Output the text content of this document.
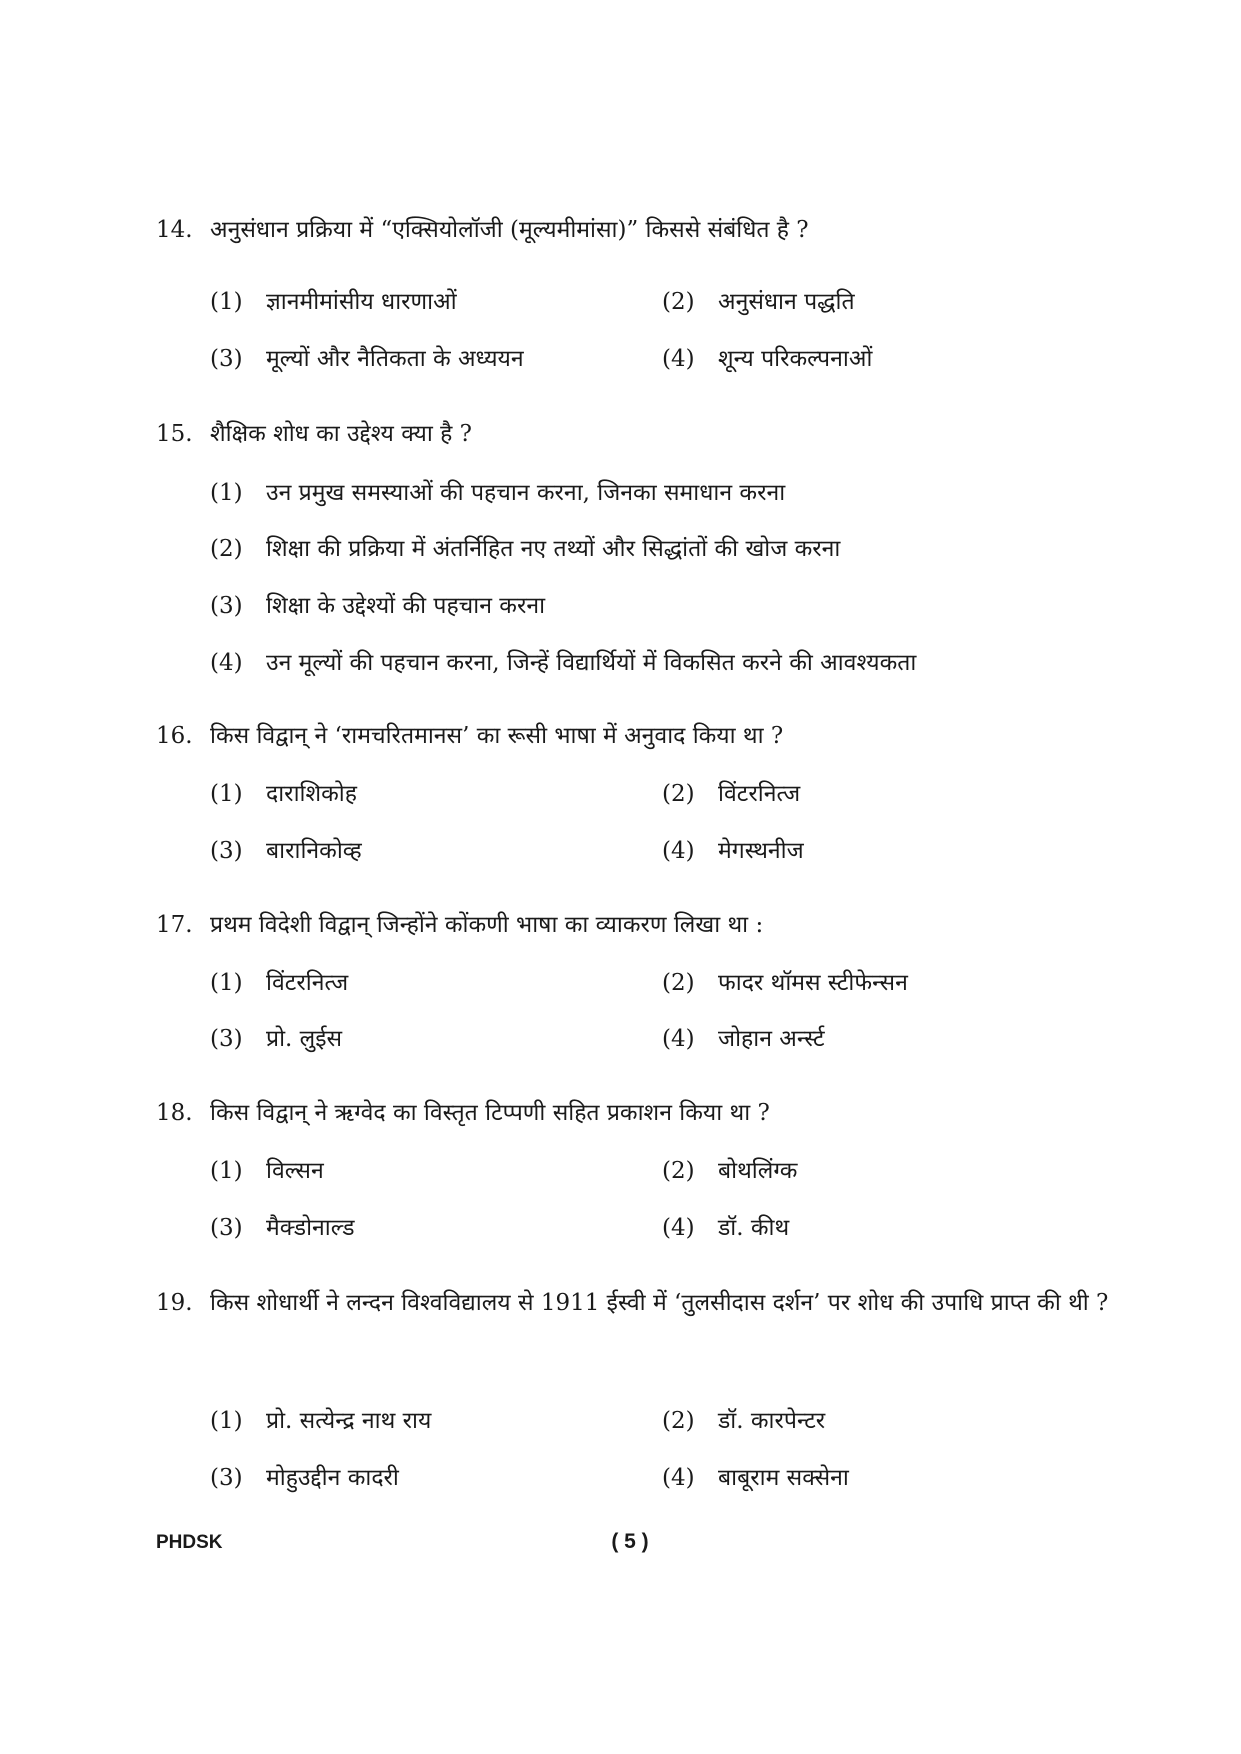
14. अनुसंधान प्रक्रिया में “एक्सियोलॉजी (मूल्यमीमांसा)” किससे संबंधित है ?
(1) ज्ञानमीमांसीय धारणाओं	(2) अनुसंधान पद्धति
(3) मूल्यों और नैतिकता के अध्ययन	(4) शून्य परिकल्पनाओं
15. शैक्षिक शोध का उद्देश्य क्या है ?
(1) उन प्रमुख समस्याओं की पहचान करना, जिनका समाधान करना
(2) शिक्षा की प्रक्रिया में अंतर्निहित नए तथ्यों और सिद्धांतों की खोज करना
(3) शिक्षा के उद्देश्यों की पहचान करना
(4) उन मूल्यों की पहचान करना, जिन्हें विद्यार्थियों में विकसित करने की आवश्यकता
16. किस विद्वान् ने ‘रामचरितमानस’ का रूसी भाषा में अनुवाद किया था ?
(1) दाराशिकोह	(2) विंटरनित्ज
(3) बारानिकोव्ह	(4) मेगस्थनीज
17. प्रथम विदेशी विद्वान् जिन्होंने कोंकणी भाषा का व्याकरण लिखा था :
(1) विंटरनित्ज	(2) फादर थॉमस स्टीफेन्सन
(3) प्रो. लुईस	(4) जोहान अर्न्स्ट
18. किस विद्वान् ने ऋग्वेद का विस्तृत टिप्पणी सहित प्रकाशन किया था ?
(1) विल्सन	(2) बोथलिंग्क
(3) मैक्डोनाल्ड	(4) डॉ. कीथ
19. किस शोधार्थी ने लन्दन विश्वविद्यालय से 1911 ईस्वी में ‘तुलसीदास दर्शन’ पर शोध की उपाधि प्राप्त की थी ?
(1) प्रो. सत्येन्द्र नाथ राय	(2) डॉ. कारपेन्टर
(3) मोहुउद्दीन कादरी	(4) बाबूराम सक्सेना
PHDSK	( 5 )
